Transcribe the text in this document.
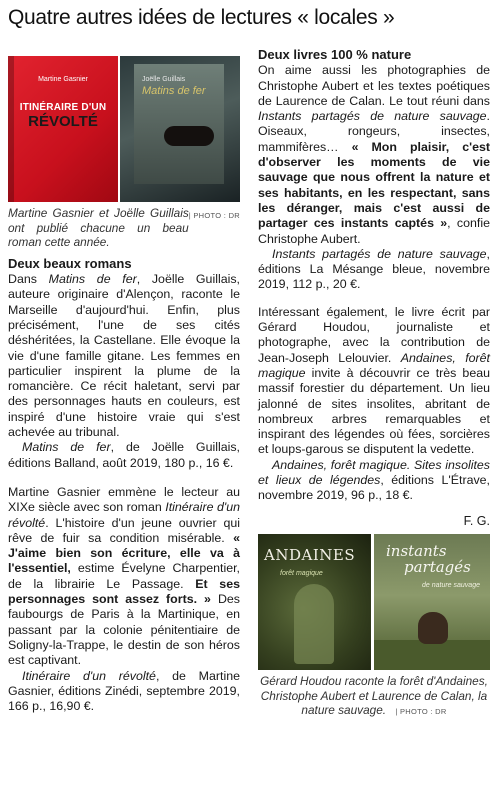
Quatre autres idées de lectures « locales »
Martine Gasnier
ITINÉRAIRE D'UN
RÉVOLTÉ
Joëlle Guillais
Matins de fer
| PHOTO : DR
Martine Gasnier et Joëlle Guillais ont publié chacune un beau roman cette année.
Deux beaux romans

Dans Matins de fer, Joëlle Guillais, auteure originaire d'Alençon, raconte le Marseille d'aujourd'hui. Enfin, plus précisément, l'une de ses cités déshéritées, la Castellane. Elle évoque la vie d'une famille gitane. Les femmes en particulier inspirent la plume de la romancière. Ce récit haletant, servi par des personnages hauts en couleurs, est inspiré d'une histoire vraie qui s'est achevée au tribunal.

Matins de fer, de Joëlle Guillais, éditions Balland, août 2019, 180 p., 16 €.

Martine Gasnier emmène le lecteur au XIXe siècle avec son roman Itinéraire d'un révolté. L'histoire d'un jeune ouvrier qui rêve de fuir sa condition misérable. « J'aime bien son écriture, elle va à l'essentiel, estime Évelyne Charpentier, de la librairie Le Passage. Et ses personnages sont assez forts. » Des faubourgs de Paris à la Martinique, en passant par la colonie pénitentiaire de Soligny-la-Trappe, le destin de son héros est captivant.

Itinéraire d'un révolté, de Martine Gasnier, éditions Zinédi, septembre 2019, 166 p., 16,90 €.

Deux livres 100 % nature

On aime aussi les photographies de Christophe Aubert et les textes poétiques de Laurence de Calan. Le tout réuni dans Instants partagés de nature sauvage. Oiseaux, rongeurs, insectes, mammifères… « Mon plaisir, c'est d'observer les moments de vie sauvage que nous offrent la nature et ses habitants, en les respectant, sans les déranger, mais c'est aussi de partager ces instants captés », confie Christophe Aubert.

Instants partagés de nature sauvage, éditions La Mésange bleue, novembre 2019, 112 p., 20 €.

Intéressant également, le livre écrit par Gérard Houdou, journaliste et photographe, avec la contribution de Jean-Joseph Lelouvier. Andaines, forêt magique invite à découvrir ce très beau massif forestier du département. Un lieu jalonné de sites insolites, abritant de nombreux arbres remarquables et inspirant des légendes où fées, sorcières et loups-garous se disputent la vedette.

Andaines, forêt magique. Sites insolites et lieux de légendes, éditions L'Étrave, novembre 2019, 96 p., 18 €.

F. G.
ANDAINES
forêt magique
instants
partagés
de nature sauvage
Gérard Houdou raconte la forêt d'Andaines, Christophe Aubert et Laurence de Calan, la nature sauvage. | PHOTO : DR
